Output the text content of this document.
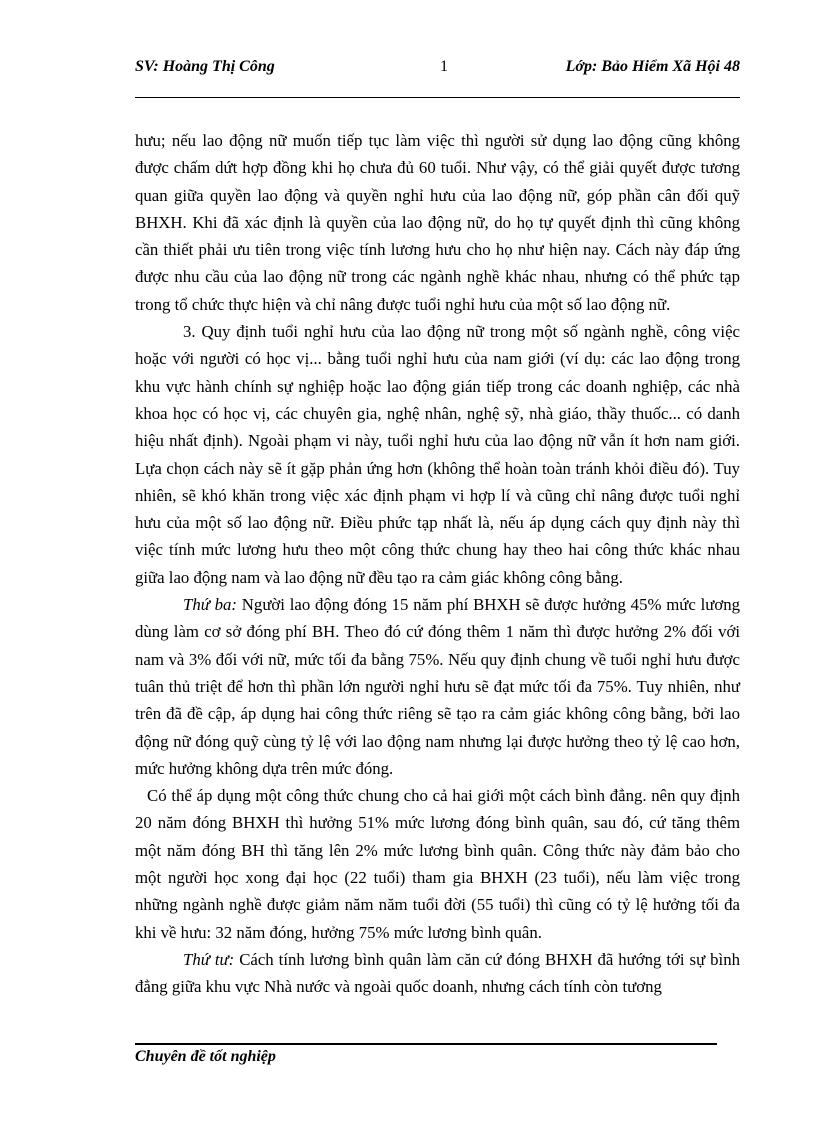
SV: Hoàng Thị Công	1	Lớp: Bảo Hiểm Xã Hội 48

hưu; nếu lao động nữ muốn tiếp tục làm việc thì người sử dụng lao động cũng không được chấm dứt hợp đồng khi họ chưa đủ 60 tuổi. Như vậy, có thể giải quyết được tương quan giữa quyền lao động và quyền nghỉ hưu của lao động nữ, góp phần cân đối quỹ BHXH. Khi đã xác định là quyền của lao động nữ, do họ tự quyết định thì cũng không cần thiết phải ưu tiên trong việc tính lương hưu cho họ như hiện nay. Cách này đáp ứng được nhu cầu của lao động nữ trong các ngành nghề khác nhau, nhưng có thể phức tạp trong tổ chức thực hiện và chỉ nâng được tuổi nghỉ hưu của một số lao động nữ.

3. Quy định tuổi nghỉ hưu của lao động nữ trong một số ngành nghề, công việc hoặc với người có học vị... bằng tuổi nghỉ hưu của nam giới (ví dụ: các lao động trong khu vực hành chính sự nghiệp hoặc lao động gián tiếp trong các doanh nghiệp, các nhà khoa học có học vị, các chuyên gia, nghệ nhân, nghệ sỹ, nhà giáo, thầy thuốc... có danh hiệu nhất định). Ngoài phạm vi này, tuổi nghỉ hưu của lao động nữ vẫn ít hơn nam giới. Lựa chọn cách này sẽ ít gặp phản ứng hơn (không thể hoàn toàn tránh khỏi điều đó). Tuy nhiên, sẽ khó khăn trong việc xác định phạm vi hợp lí và cũng chỉ nâng được tuổi nghỉ hưu của một số lao động nữ. Điều phức tạp nhất là, nếu áp dụng cách quy định này thì việc tính mức lương hưu theo một công thức chung hay theo hai công thức khác nhau giữa lao động nam và lao động nữ đều tạo ra cảm giác không công bằng.

Thứ ba: Người lao động đóng 15 năm phí BHXH sẽ được hưởng 45% mức lương dùng làm cơ sở đóng phí BH. Theo đó cứ đóng thêm 1 năm thì được hưởng 2% đối với nam và 3% đối với nữ, mức tối đa bằng 75%. Nếu quy định chung về tuổi nghỉ hưu được tuân thủ triệt để hơn thì phần lớn người nghỉ hưu sẽ đạt mức tối đa 75%. Tuy nhiên, như trên đã đề cập, áp dụng hai công thức riêng sẽ tạo ra cảm giác không công bằng, bởi lao động nữ đóng quỹ cùng tỷ lệ với lao động nam nhưng lại được hưởng theo tỷ lệ cao hơn, mức hưởng không dựa trên mức đóng.

Có thể áp dụng một công thức chung cho cả hai giới một cách bình đẳng. nên quy định 20 năm đóng BHXH thì hưởng 51% mức lương đóng bình quân, sau đó, cứ tăng thêm một năm đóng BH thì tăng lên 2% mức lương bình quân. Công thức này đảm bảo cho một người học xong đại học (22 tuổi) tham gia BHXH (23 tuổi), nếu làm việc trong những ngành nghề được giảm năm năm tuổi đời (55 tuổi) thì cũng có tỷ lệ hưởng tối đa khi về hưu: 32 năm đóng, hưởng 75% mức lương bình quân.

Thứ tư: Cách tính lương bình quân làm căn cứ đóng BHXH đã hướng tới sự bình đẳng giữa khu vực Nhà nước và ngoài quốc doanh, nhưng cách tính còn tương

Chuyên đề tốt nghiệp
